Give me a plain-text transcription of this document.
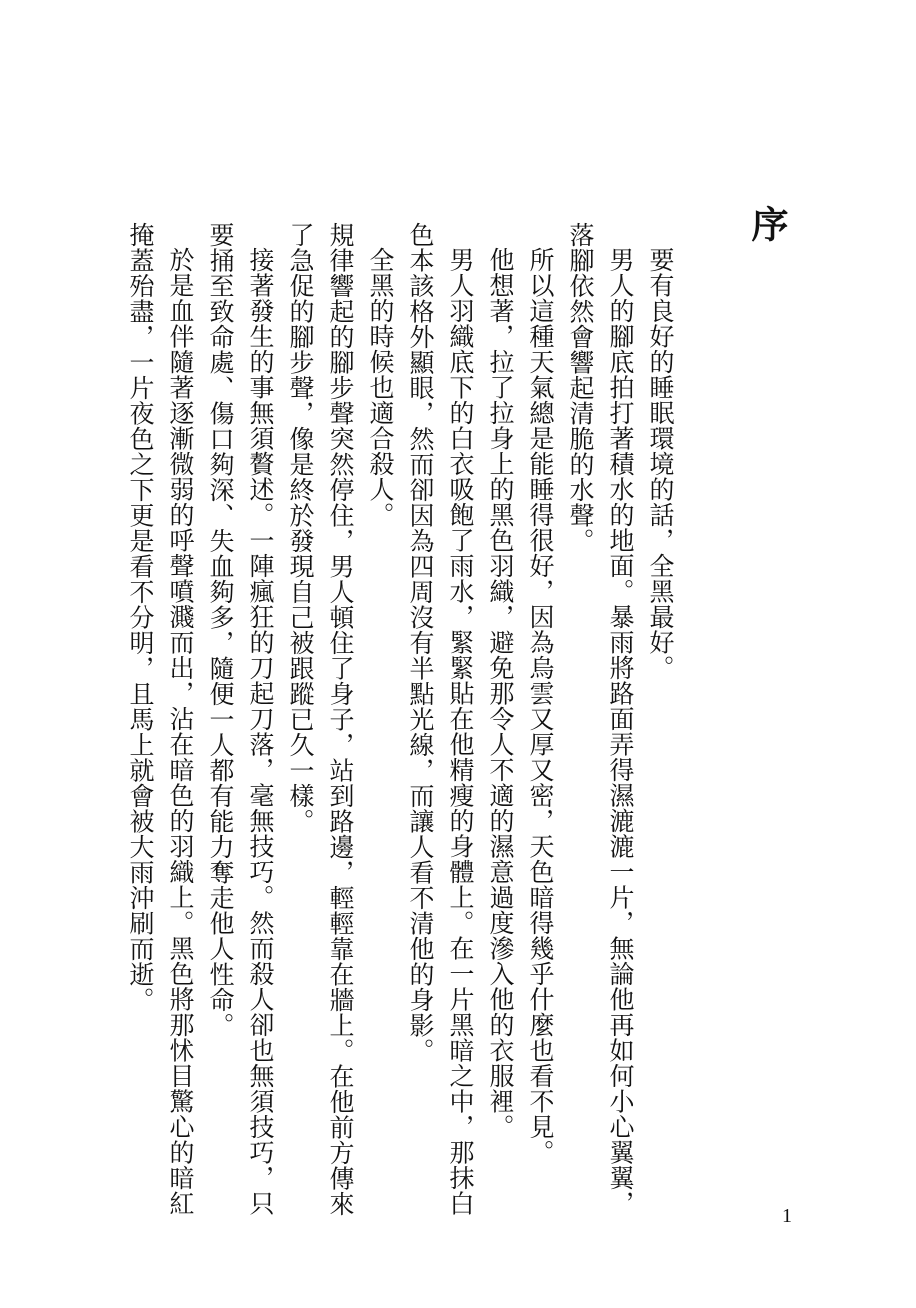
序

要有良好的睡眠環境的話，全黑最好。

男人的腳底拍打著積水的地面。暴雨將路面弄得濕漉漉一片，無論他再如何小心翼翼，落腳依然會響起清脆的水聲。

所以這種天氣總是能睡得很好，因為烏雲又厚又密，天色暗得幾乎什麼也看不見。

他想著，拉了拉身上的黑色羽織，避免那令人不適的濕意過度滲入他的衣服裡。

男人羽織底下的白衣吸飽了雨水，緊緊貼在他精瘦的身體上。在一片黑暗之中，那抹白色本該格外顯眼，然而卻因為四周沒有半點光線，而讓人看不清他的身影。

全黑的時候也適合殺人。

規律響起的腳步聲突然停住，男人頓住了身子，站到路邊，輕輕靠在牆上。在他前方傳來了急促的腳步聲，像是終於發現自己被跟蹤已久一樣。

接著發生的事無須贅述。一陣瘋狂的刀起刀落，毫無技巧。然而殺人卻也無須技巧，只要捅至致命處、傷口夠深、失血夠多，隨便一人都有能力奪走他人性命。

於是血伴隨著逐漸微弱的呼聲噴濺而出，沾在暗色的羽織上。黑色將那怵目驚心的暗紅掩蓋殆盡，一片夜色之下更是看不分明，且馬上就會被大雨沖刷而逝。

1
